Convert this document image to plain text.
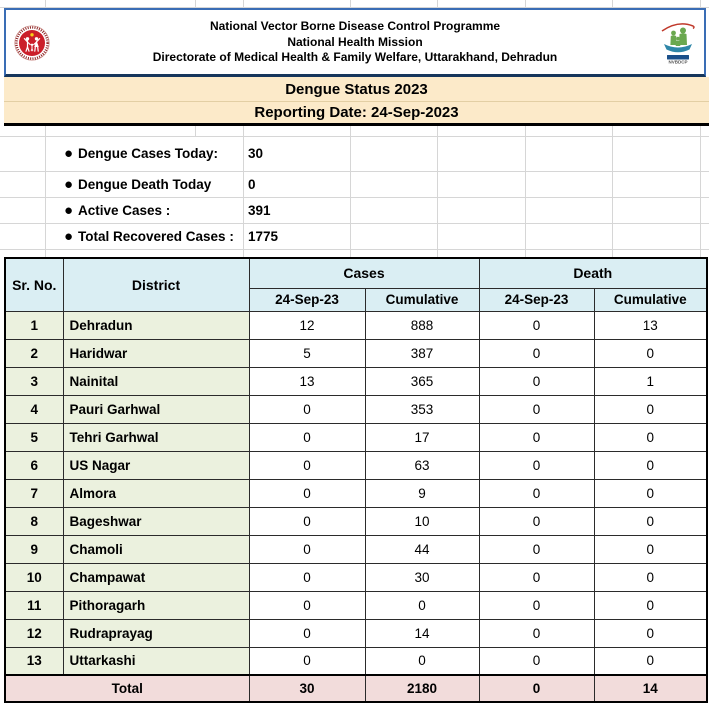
National Vector Borne Disease Control Programme
National Health Mission
Directorate of Medical Health & Family Welfare, Uttarakhand, Dehradun	NVBDCP
Dengue Status 2023
Reporting Date: 24-Sep-2023
● Dengue Cases Today: 30
● Dengue Death Today	0
● Active Cases :	391
● Total Recovered Cases : 1775
Sr. No.	District	Cases		Death	
		24-Sep-23	Cumulative	24-Sep-23	Cumulative
1	Dehradun	12	888	0	13
2	Haridwar	5	387	0	0
3	Nainital	13	365	0	1
4	Pauri Garhwal	0	353	0	0
5	Tehri Garhwal	0	17	0	0
6	US Nagar	0	63	0	0
7	Almora	0	9	0	0
8	Bageshwar	0	10	0	0
9	Chamoli	0	44	0	0
10	Champawat	0	30	0	0
11	Pithoragarh	0	0	0	0
12	Rudraprayag	0	14	0	0
13	Uttarkashi	0	0	0	0
Total		30	2180	0	14
